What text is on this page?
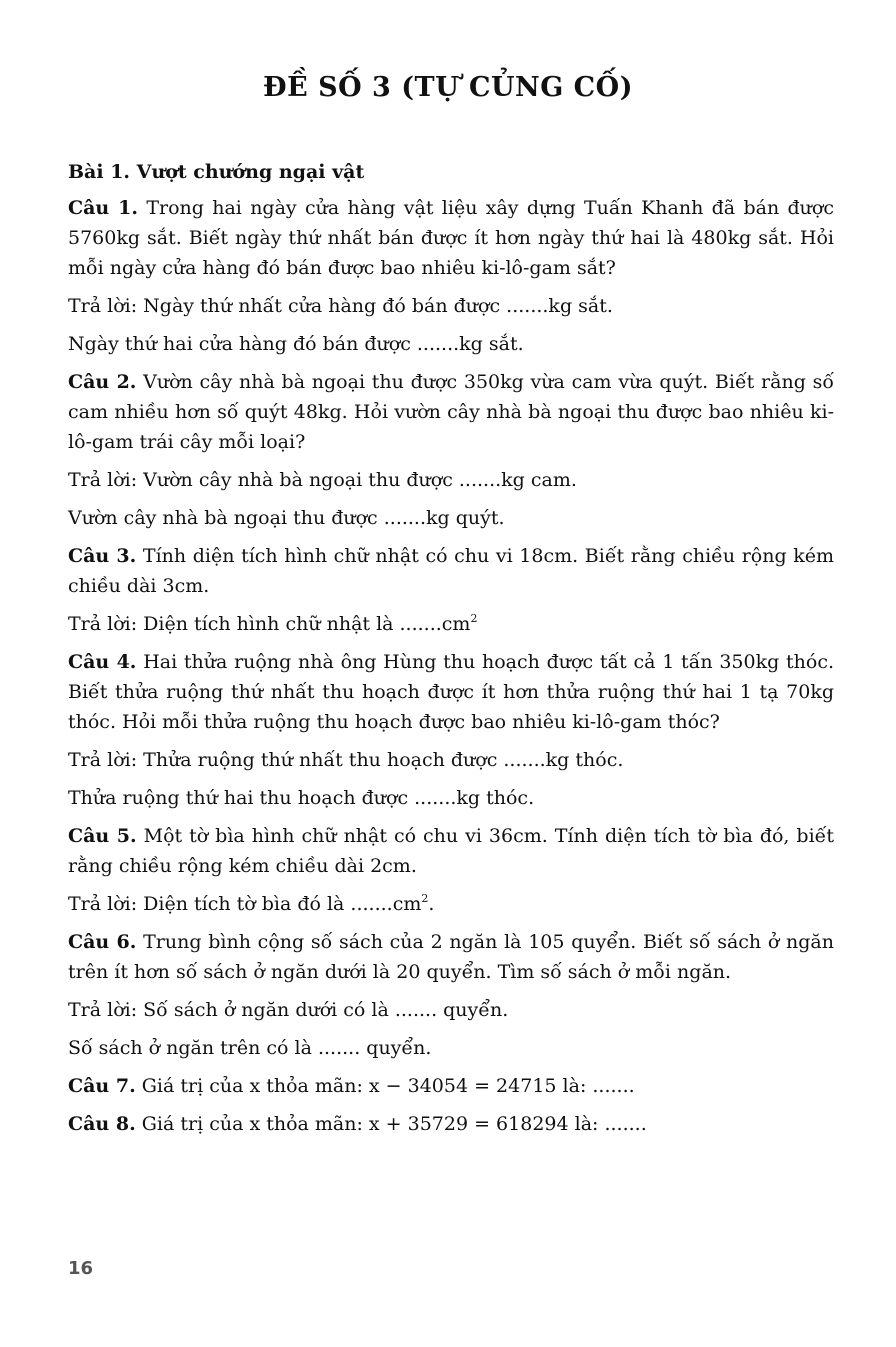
ĐỀ SỐ 3 (TỰ CỦNG CỐ)
Bài 1. Vượt chướng ngại vật

Câu 1. Trong hai ngày cửa hàng vật liệu xây dựng Tuấn Khanh đã bán được 5760kg sắt. Biết ngày thứ nhất bán được ít hơn ngày thứ hai là 480kg sắt. Hỏi mỗi ngày cửa hàng đó bán được bao nhiêu ki-lô-gam sắt?

Trả lời: Ngày thứ nhất cửa hàng đó bán được .......kg sắt.

Ngày thứ hai cửa hàng đó bán được .......kg sắt.

Câu 2. Vườn cây nhà bà ngoại thu được 350kg vừa cam vừa quýt. Biết rằng số cam nhiều hơn số quýt 48kg. Hỏi vườn cây nhà bà ngoại thu được bao nhiêu ki-lô-gam trái cây mỗi loại?

Trả lời: Vườn cây nhà bà ngoại thu được .......kg cam.

Vườn cây nhà bà ngoại thu được .......kg quýt.

Câu 3. Tính diện tích hình chữ nhật có chu vi 18cm. Biết rằng chiều rộng kém chiều dài 3cm.

Trả lời: Diện tích hình chữ nhật là $.......cm^2$

Câu 4. Hai thửa ruộng nhà ông Hùng thu hoạch được tất cả 1 tấn 350kg thóc. Biết thửa ruộng thứ nhất thu hoạch được ít hơn thửa ruộng thứ hai 1 tạ 70kg thóc. Hỏi mỗi thửa ruộng thu hoạch được bao nhiêu ki-lô-gam thóc?

Trả lời: Thửa ruộng thứ nhất thu hoạch được .......kg thóc.

Thửa ruộng thứ hai thu hoạch được .......kg thóc.

Câu 5. Một tờ bìa hình chữ nhật có chu vi 36cm. Tính diện tích tờ bìa đó, biết rằng chiều rộng kém chiều dài 2cm.

Trả lời: Diện tích tờ bìa đó là $.......cm^2$.

Câu 6. Trung bình cộng số sách của 2 ngăn là 105 quyển. Biết số sách ở ngăn trên ít hơn số sách ở ngăn dưới là 20 quyển. Tìm số sách ở mỗi ngăn.

Trả lời: Số sách ở ngăn dưới có là ....... quyển.

Số sách ở ngăn trên có là ....... quyển.

Câu 7. Giá trị của x thỏa mãn: x − 34054 = 24715 là: .......

Câu 8. Giá trị của x thỏa mãn: x + 35729 = 618294 là: .......

16
